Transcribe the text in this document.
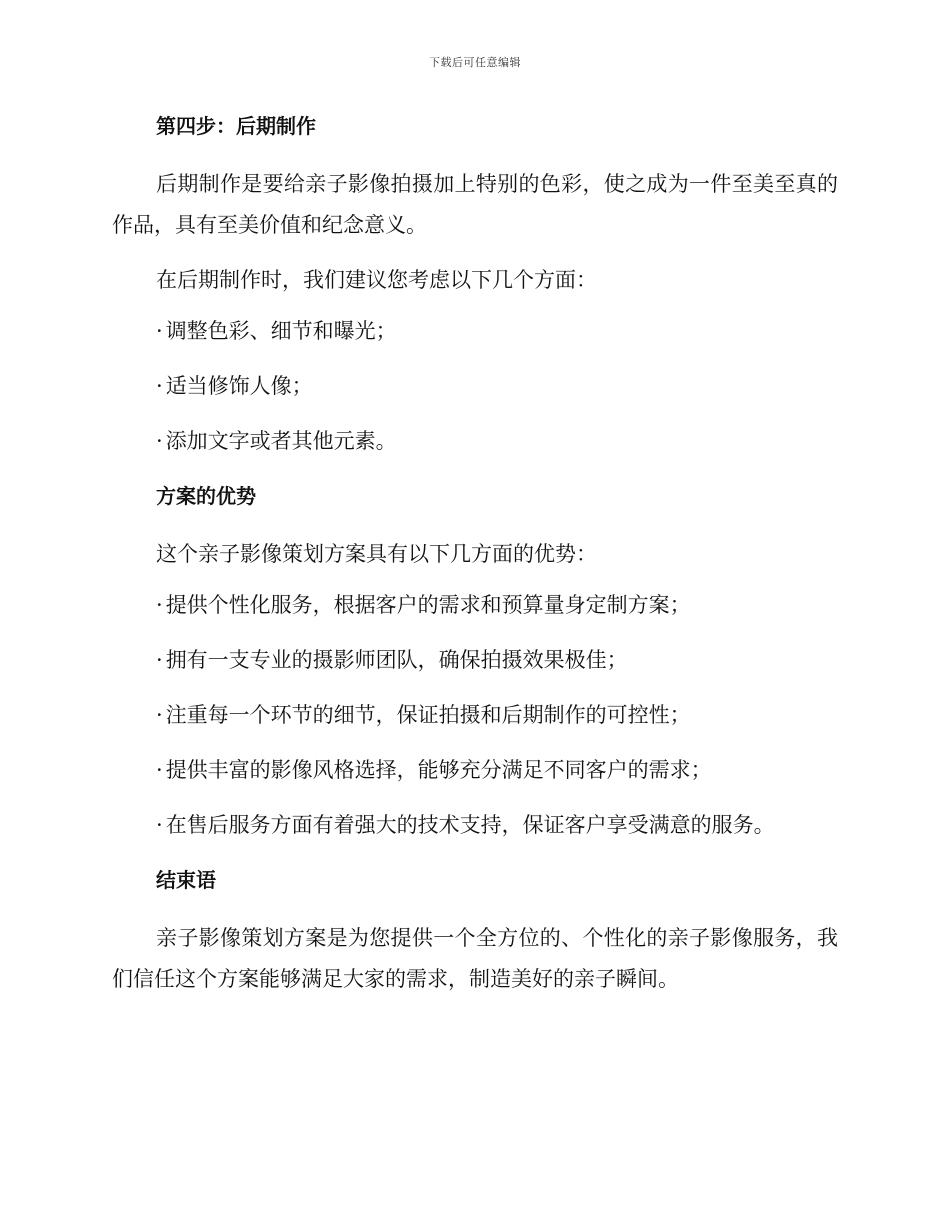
下载后可任意编辑
第四步：后期制作

后期制作是要给亲子影像拍摄加上特别的色彩，使之成为一件至美至真的作品，具有至美价值和纪念意义。

在后期制作时，我们建议您考虑以下几个方面：

· 调整色彩、细节和曝光；
· 适当修饰人像；
· 添加文字或者其他元素。
方案的优势

这个亲子影像策划方案具有以下几方面的优势：

· 提供个性化服务，根据客户的需求和预算量身定制方案；
· 拥有一支专业的摄影师团队，确保拍摄效果极佳；
· 注重每一个环节的细节，保证拍摄和后期制作的可控性；
· 提供丰富的影像风格选择，能够充分满足不同客户的需求；
· 在售后服务方面有着强大的技术支持，保证客户享受满意的服务。
结束语

亲子影像策划方案是为您提供一个全方位的、个性化的亲子影像服务，我们信任这个方案能够满足大家的需求，制造美好的亲子瞬间。
